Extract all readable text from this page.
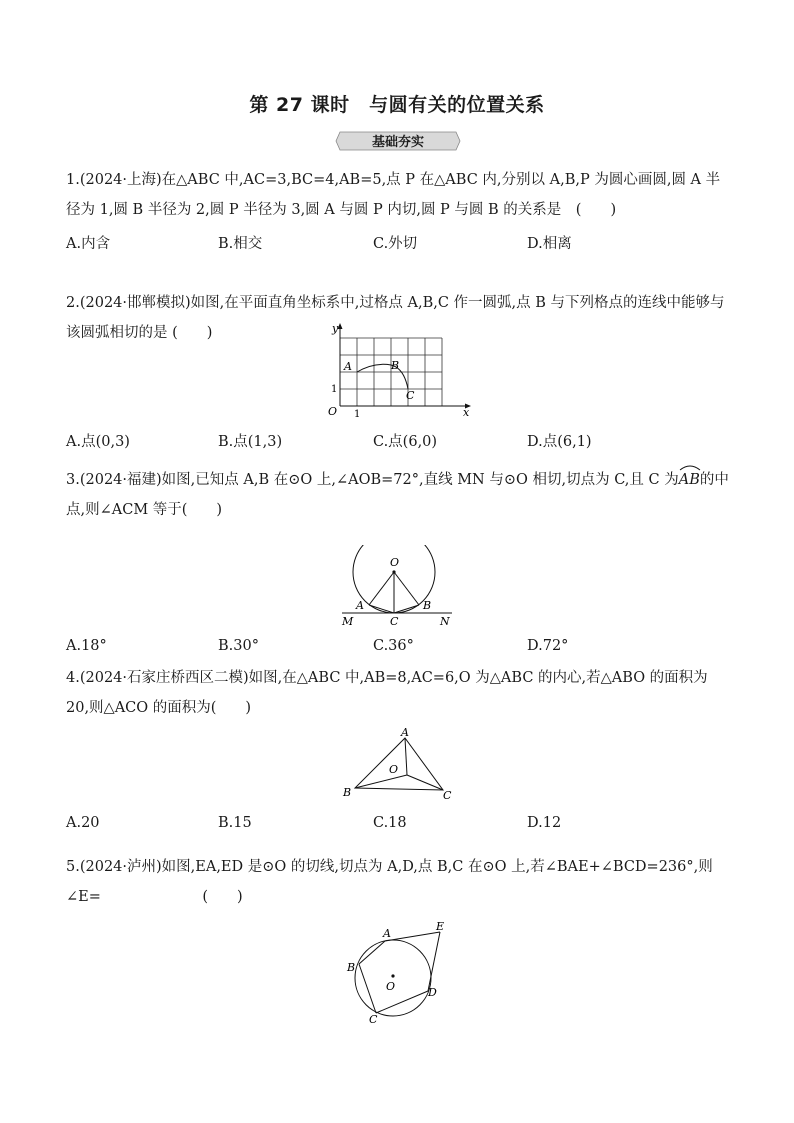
第 27 课时　与圆有关的位置关系
基础夯实
1.(2024·上海)在△ABC 中,AC=3,BC=4,AB=5,点 P 在△ABC 内,分别以 A,B,P 为圆心画圆,圆 A 半径为 1,圆 B 半径为 2,圆 P 半径为 3,圆 A 与圆 P 内切,圆 P 与圆 B 的关系是　(　　)
A.内含	B.相交	C.外切	D.相离
2.(2024·邯郸模拟)如图,在平面直角坐标系中,过格点 A,B,C 作一圆弧,点 B 与下列格点的连线中能够与该圆弧相切的是 (　　)	y
x
O 1
1
A	B
C
A.点(0,3)	B.点(1,3)	C.点(6,0)	D.点(6,1)
3.(2024·福建)如图,已知点 A,B 在⊙O 上,∠AOB=72°,直线 MN 与⊙O 相切,切点为 C,且 C 为
AB的中点,则∠ACM 等于(　　)
O
A	B
C
M	N
A.18°	B.30°	C.36°	D.72°
4.(2024·石家庄桥西区二模)如图,在△ABC 中,AB=8,AC=6,O 为△ABC 的内心,若△ABO 的面积为 20,则△ACO 的面积为(　　)
A
B	C
O
A.20	B.15	C.18	D.12
5.(2024·泸州)如图,EA,ED 是⊙O 的切线,切点为 A,D,点 B,C 在⊙O 上,若∠BAE+∠BCD=236°,则∠E=　　　　　　　(　　)
A
B
C
D
E
O
